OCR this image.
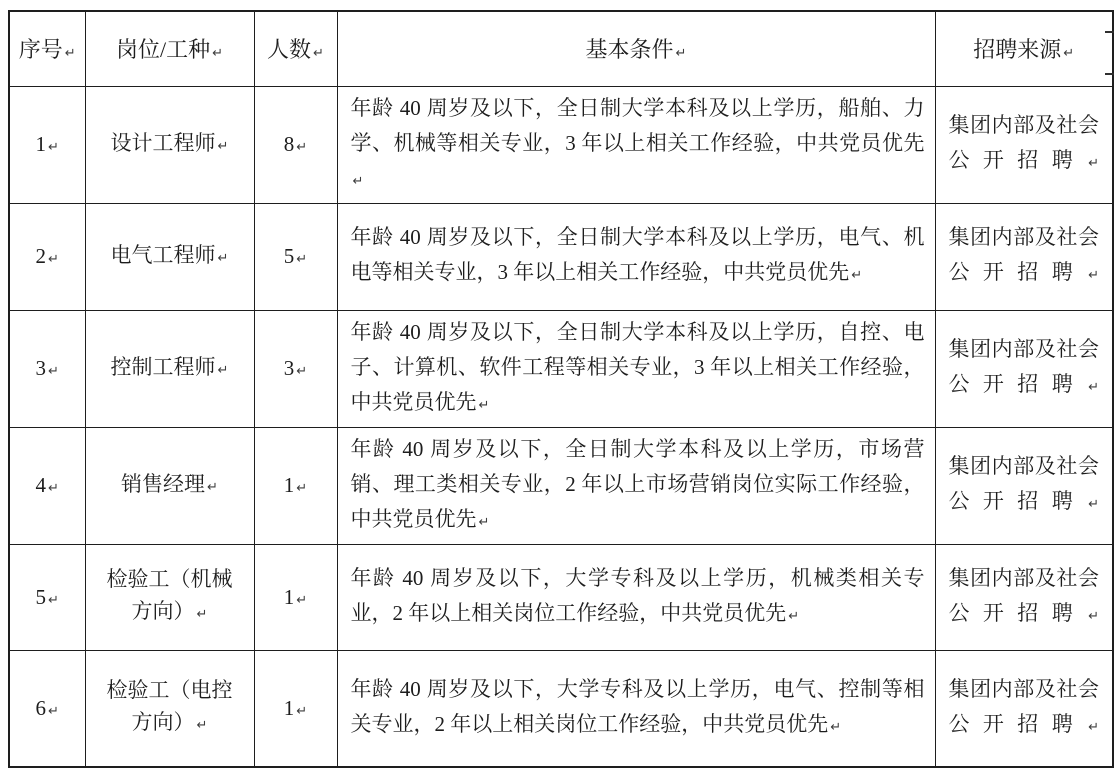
序号 ↵	岗位/工种 ↵	人数 ↵	基本条件 ↵	招聘来源 ↵
1 ↵	设计工程师 ↵	8 ↵	年龄 40 周岁及以下，全日制大学本科及以上学历，船舶、力学、机械等相关专业，3 年以上相关工作经验，中共党员优先↵	集团内部及社会公开招聘 ↵
2 ↵	电气工程师 ↵	5 ↵	年龄 40 周岁及以下，全日制大学本科及以上学历，电气、机电等相关专业，3 年以上相关工作经验，中共党员优先 ↵	集团内部及社会公开招聘 ↵
3 ↵	控制工程师 ↵	3 ↵	年龄 40 周岁及以下，全日制大学本科及以上学历，自控、电子、计算机、软件工程等相关专业，3 年以上相关工作经验，中共党员优先 ↵	集团内部及社会公开招聘 ↵
4 ↵	销售经理 ↵	1 ↵	年龄 40 周岁及以下，全日制大学本科及以上学历，市场营销、理工类相关专业，2 年以上市场营销岗位实际工作经验，中共党员优先 ↵	集团内部及社会公开招聘 ↵
5 ↵	检验工（机械方向） ↵	1 ↵	年龄 40 周岁及以下，大学专科及以上学历，机械类相关专业，2 年以上相关岗位工作经验，中共党员优先 ↵	集团内部及社会公开招聘 ↵
6 ↵	检验工（电控方向） ↵	1 ↵	年龄 40 周岁及以下，大学专科及以上学历，电气、控制等相关专业，2 年以上相关岗位工作经验，中共党员优先 ↵	集团内部及社会公开招聘 ↵
